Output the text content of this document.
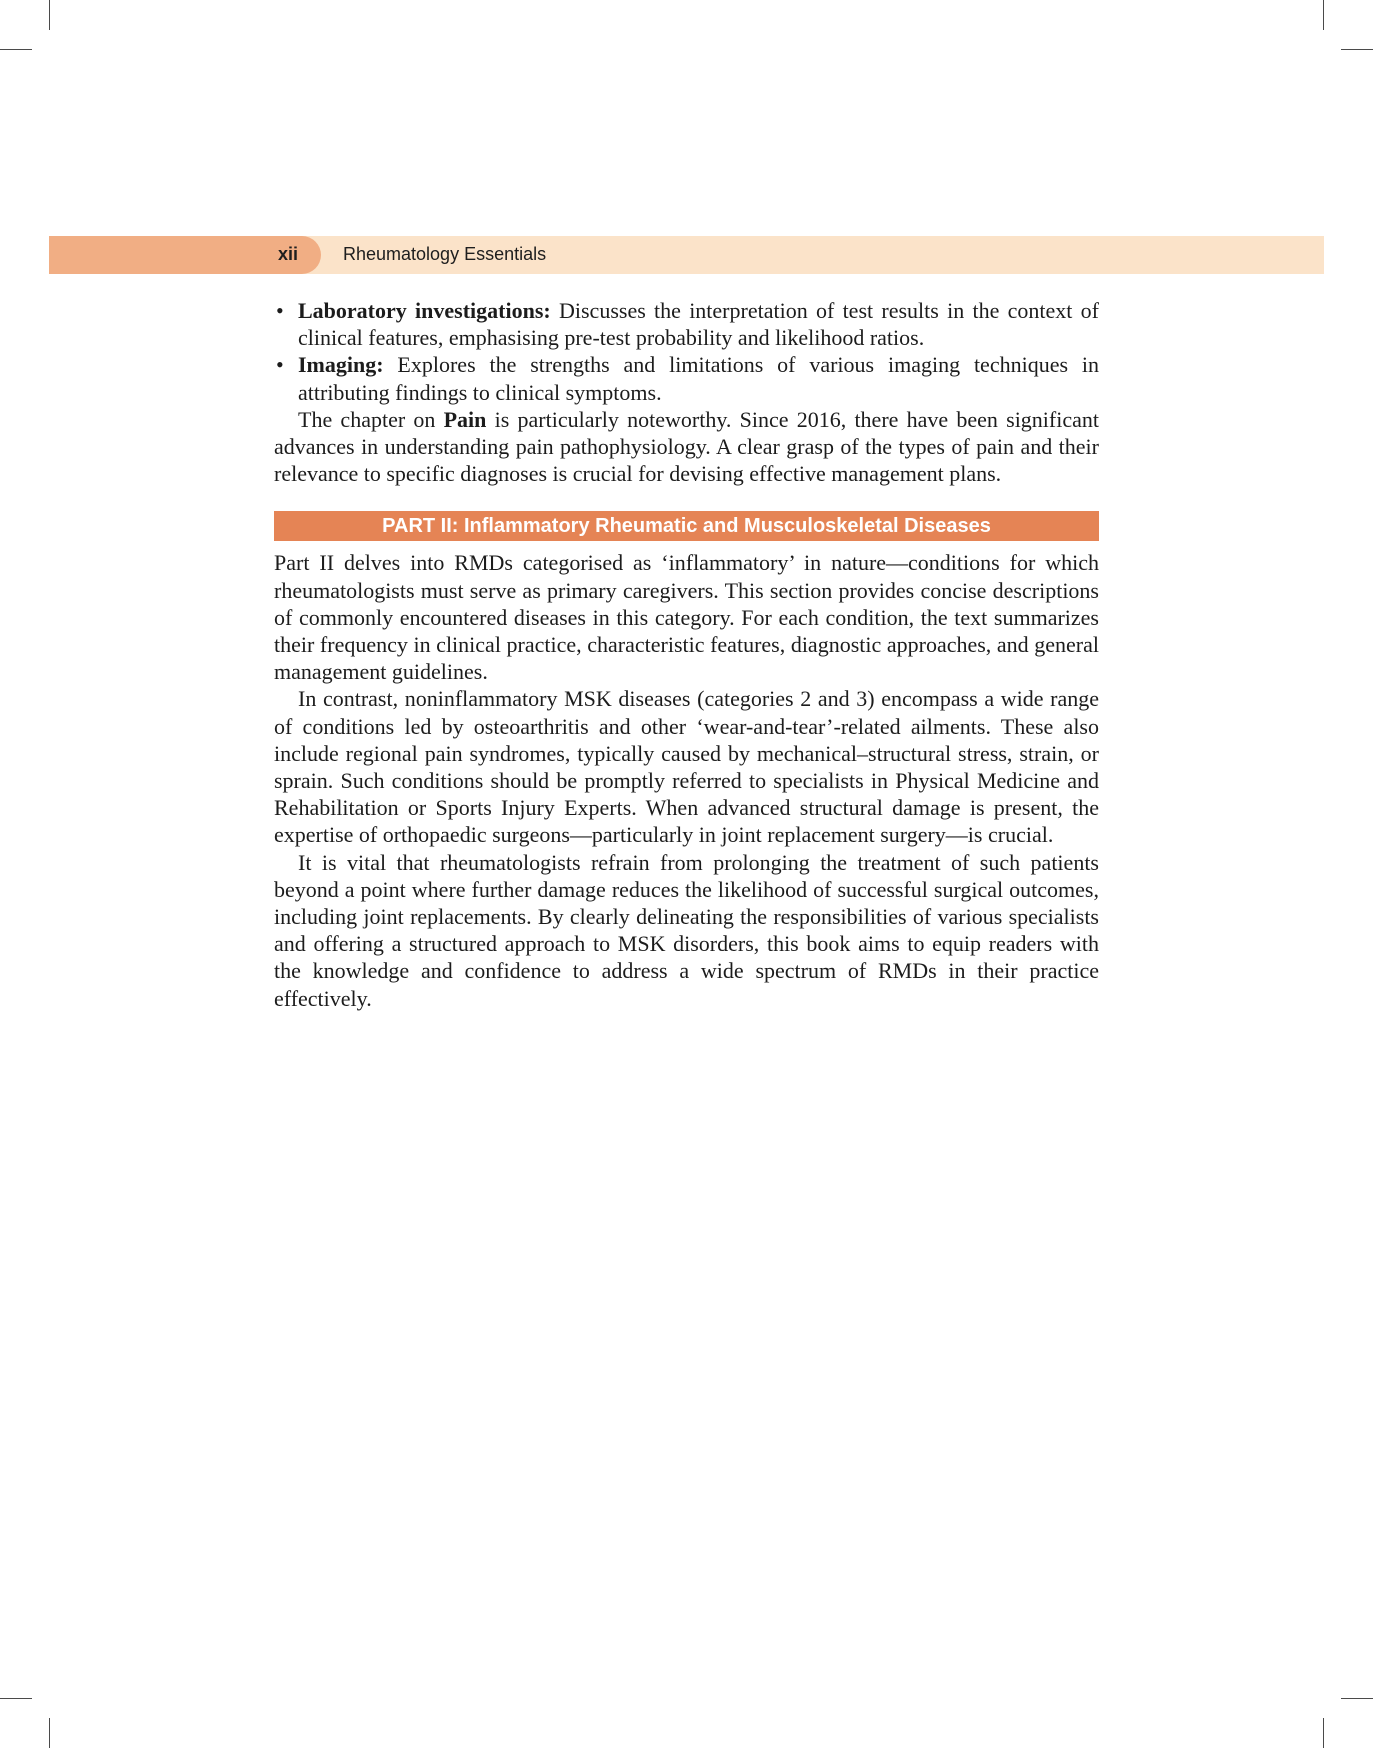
xii Rheumatology Essentials
• Laboratory investigations: Discusses the interpretation of test results in the context of clinical features, emphasising pre-test probability and likelihood ratios.
• Imaging: Explores the strengths and limitations of various imaging techniques in attributing findings to clinical symptoms.

The chapter on Pain is particularly noteworthy. Since 2016, there have been significant advances in understanding pain pathophysiology. A clear grasp of the types of pain and their relevance to specific diagnoses is crucial for devising effective management plans.

PART II: Inflammatory Rheumatic and Musculoskeletal Diseases

Part II delves into RMDs categorised as ‘inflammatory’ in nature—conditions for which rheumatologists must serve as primary caregivers. This section provides concise descriptions of commonly encountered diseases in this category. For each condition, the text summarizes their frequency in clinical practice, characteristic features, diagnostic approaches, and general management guidelines.

In contrast, noninflammatory MSK diseases (categories 2 and 3) encompass a wide range of conditions led by osteoarthritis and other ‘wear-and-tear’-related ailments. These also include regional pain syndromes, typically caused by mechanical–structural stress, strain, or sprain. Such conditions should be promptly referred to specialists in Physical Medicine and Rehabilitation or Sports Injury Experts. When advanced structural damage is present, the expertise of orthopaedic surgeons—particularly in joint replacement surgery—is crucial.

It is vital that rheumatologists refrain from prolonging the treatment of such patients beyond a point where further damage reduces the likelihood of successful surgical outcomes, including joint replacements. By clearly delineating the responsibilities of various specialists and offering a structured approach to MSK disorders, this book aims to equip readers with the knowledge and confidence to address a wide spectrum of RMDs in their practice effectively.
